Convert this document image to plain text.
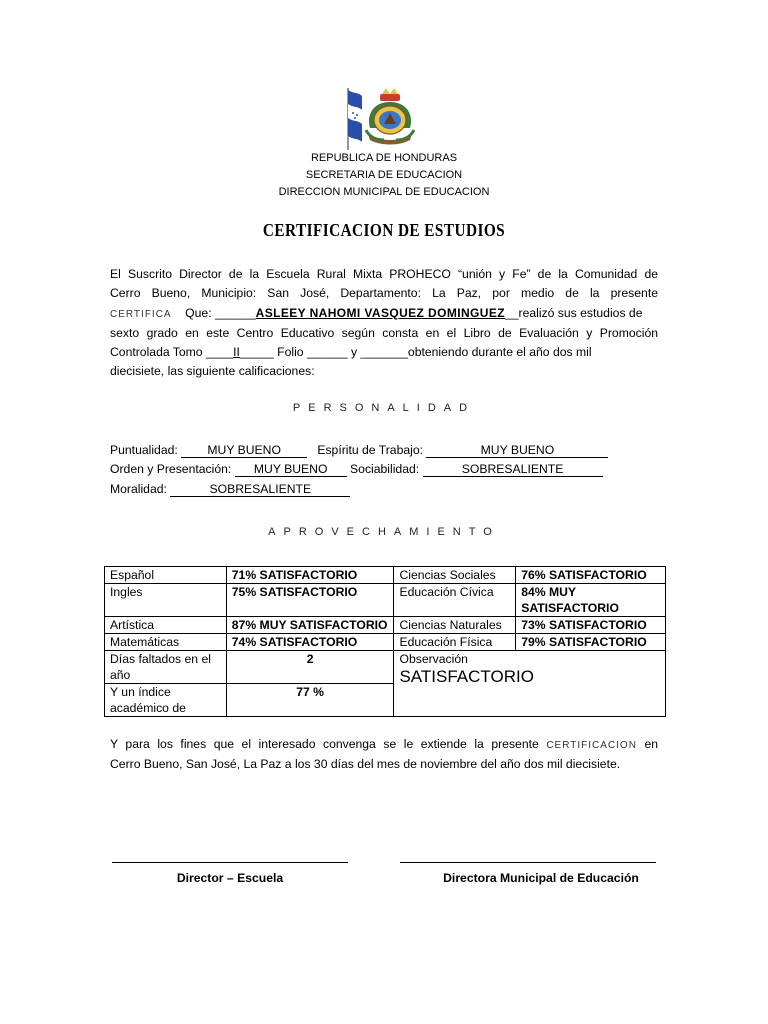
REPUBLICA DE HONDURAS
SECRETARIA DE EDUCACION
DIRECCION MUNICIPAL DE EDUCACION
CERTIFICACION DE ESTUDIOS
El Suscrito Director de la Escuela Rural Mixta PROHECO “unión y Fe” de la Comunidad de
Cerro Bueno, Municipio: San José, Departamento: La Paz, por medio de la presente
CERTIFICA Que: ______ASLEEY NAHOMI VASQUEZ DOMINGUEZ__realizó sus estudios de
sexto grado en este Centro Educativo según consta en el Libro de Evaluación y Promoción
Controlada Tomo ____II_____ Folio ______ y _______obteniendo durante el año dos mil
diecisiete, las siguiente calificaciones:
PERSONALIDAD
Puntualidad: MUY BUENO	Espíritu de Trabajo:	MUY BUENO
Orden y Presentación: MUY BUENO Sociabilidad:	SOBRESALIENTE
Moralidad:	SOBRESALIENTE
APROVECHAMIENTO
Español	71% SATISFACTORIO	Ciencias Sociales	76% SATISFACTORIO
Ingles	75% SATISFACTORIO	Educación Cívica	84% MUY SATISFACTORIO
Artística	87% MUY SATISFACTORIO	Ciencias Naturales	73% SATISFACTORIO
Matemáticas	74% SATISFACTORIO	Educación Física	79% SATISFACTORIO
Días faltados en el año	2	Observación
SATISFACTORIO	

Y un índice académico de	77 %		
Y para los fines que el interesado convenga se le extiende la presente CERTIFICACION en
Cerro Bueno, San José, La Paz a los 30 días del mes de noviembre del año dos mil diecisiete.
Director – Escuela	Directora Municipal de Educación
